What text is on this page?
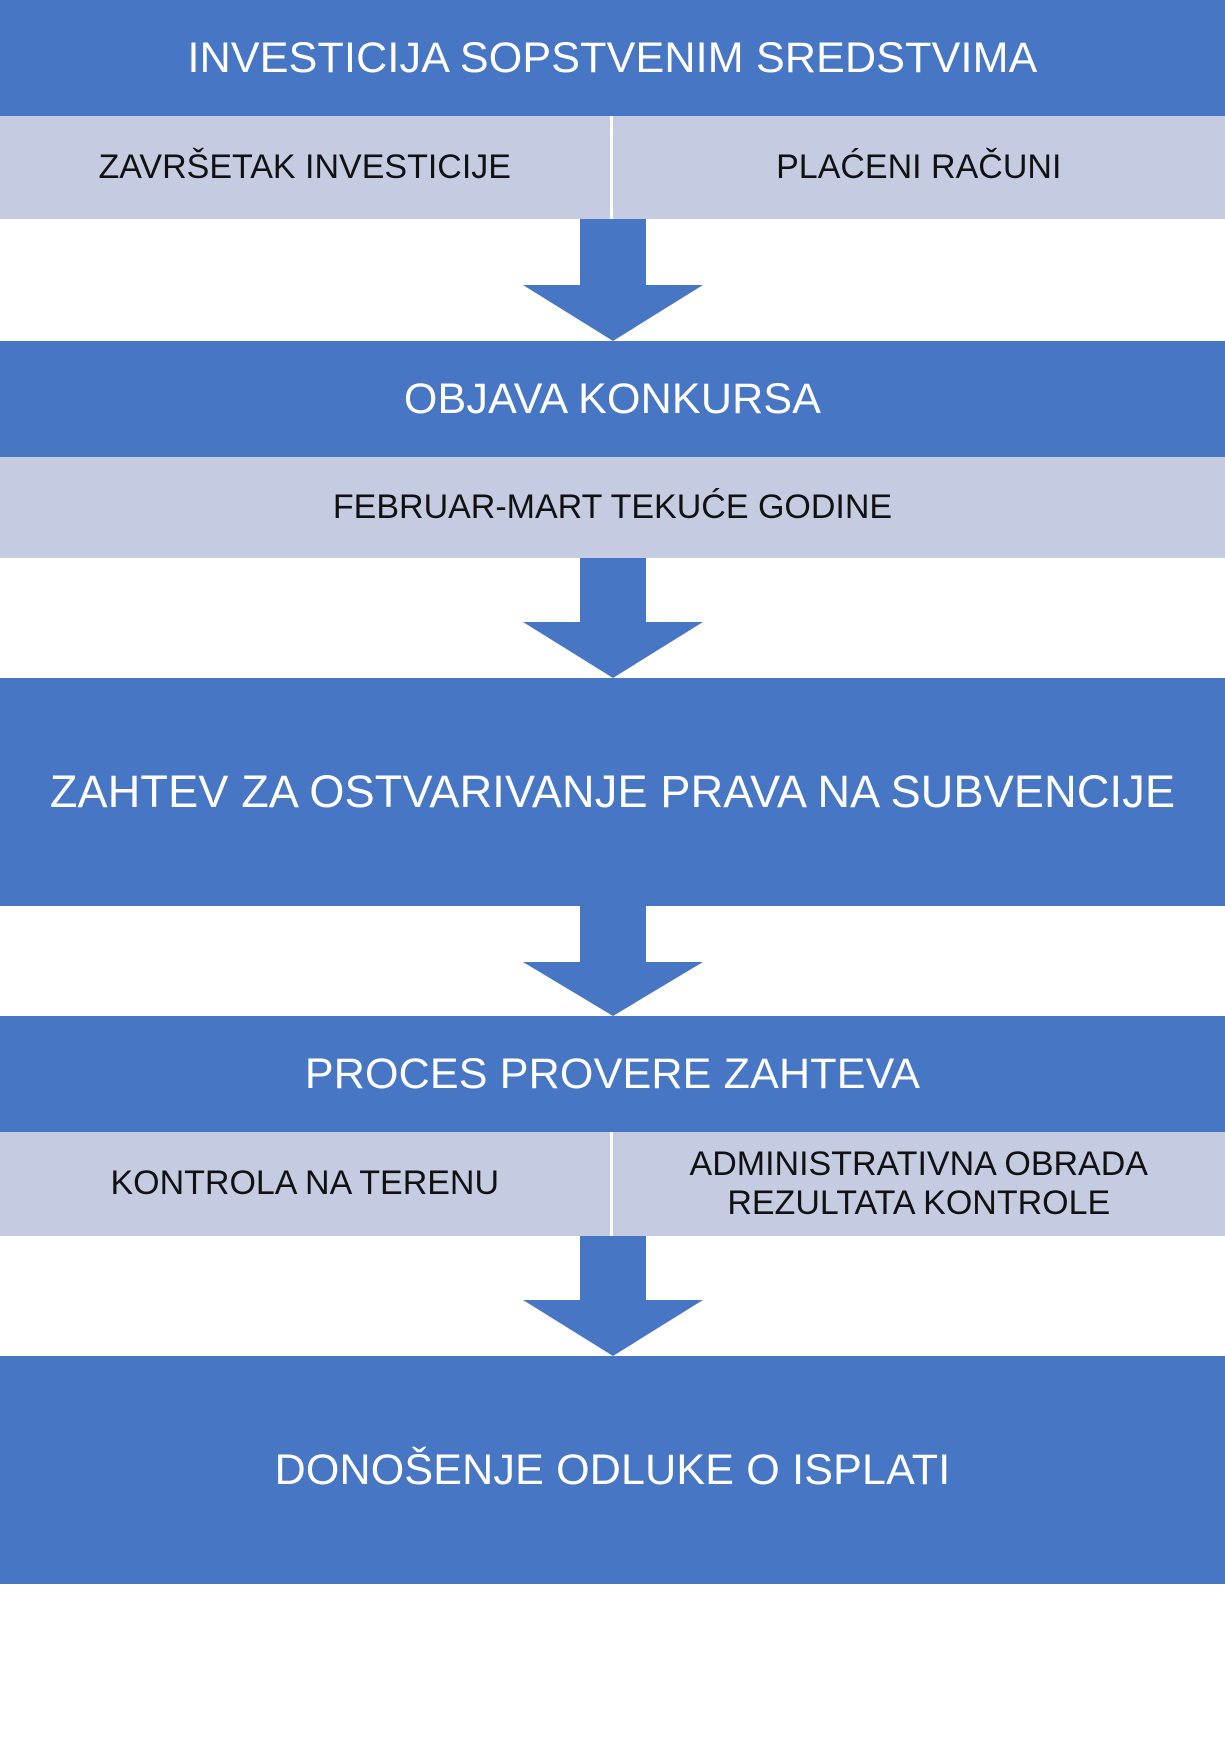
INVESTICIJA SOPSTVENIM SREDSTVIMA
ZAVRŠETAK INVESTICIJE	PLAĆENI RAČUNI
OBJAVA KONKURSA
FEBRUAR-MART TEKUĆE GODINE
ZAHTEV ZA OSTVARIVANJE PRAVA NA SUBVENCIJE
PROCES PROVERE ZAHTEVA
KONTROLA NA TERENU
ADMINISTRATIVNA OBRADA REZULTATA KONTROLE
DONOŠENJE ODLUKE O ISPLATI
